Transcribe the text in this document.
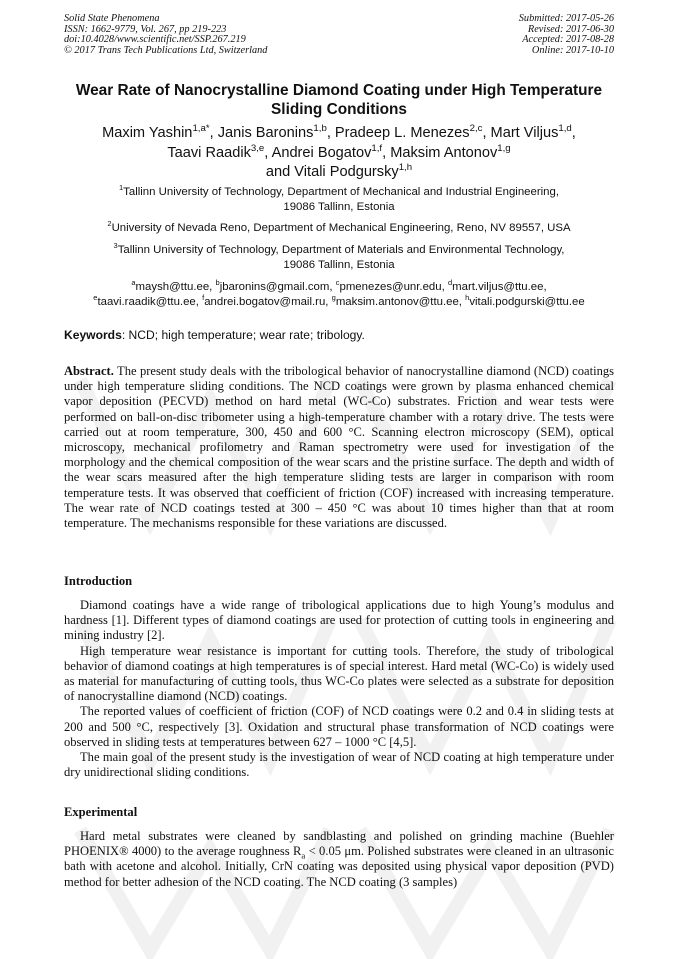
Solid State Phenomena
ISSN: 1662-9779, Vol. 267, pp 219-223
doi:10.4028/www.scientific.net/SSP.267.219
© 2017 Trans Tech Publications Ltd, Switzerland
Submitted: 2017-05-26
Revised: 2017-06-30
Accepted: 2017-08-28
Online: 2017-10-10
Wear Rate of Nanocrystalline Diamond Coating under High Temperature
Sliding Conditions
Maxim Yashin$^{1,a*}$, Janis Baronins$^{1,b}$, Pradeep L. Menezes$^{2,c}$, Mart Viljus$^{1,d}$,
Taavi Raadik$^{3,e}$, Andrei Bogatov$^{1,f}$, Maksim Antonov$^{1,g}$
and Vitali Podgursky$^{1,h}$
$^1$Tallinn University of Technology, Department of Mechanical and Industrial Engineering,
19086 Tallinn, Estonia
$^2$University of Nevada Reno, Department of Mechanical Engineering, Reno, NV 89557, USA
$^3$Tallinn University of Technology, Department of Materials and Environmental Technology,
19086 Tallinn, Estonia
$^a$maysh@ttu.ee, $^b$jbaronins@gmail.com, $^c$pmenezes@unr.edu, $^d$mart.viljus@ttu.ee,
$^e$taavi.raadik@ttu.ee, $^f$andrei.bogatov@mail.ru, $^g$maksim.antonov@ttu.ee, $^h$vitali.podgurski@ttu.ee
Keywords: NCD; high temperature; wear rate; tribology.
Abstract. The present study deals with the tribological behavior of nanocrystalline diamond (NCD) coatings under high temperature sliding conditions. The NCD coatings were grown by plasma enhanced chemical vapor deposition (PECVD) method on hard metal (WC-Co) substrates. Friction and wear tests were performed on ball-on-disc tribometer using a high-temperature chamber with a rotary drive. The tests were carried out at room temperature, 300, 450 and 600 °C. Scanning electron microscopy (SEM), optical microscopy, mechanical profilometry and Raman spectrometry were used for investigation of the morphology and the chemical composition of the wear scars and the pristine surface. The depth and width of the wear scars measured after the high temperature sliding tests are larger in comparison with room temperature tests. It was observed that coefficient of friction (COF) increased with increasing temperature. The wear rate of NCD coatings tested at 300 – 450 °C was about 10 times higher than that at room temperature. The mechanisms responsible for these variations are discussed.
Introduction

Diamond coatings have a wide range of tribological applications due to high Young’s modulus and hardness [1]. Different types of diamond coatings are used for protection of cutting tools in engineering and mining industry [2].

High temperature wear resistance is important for cutting tools. Therefore, the study of tribological behavior of diamond coatings at high temperatures is of special interest. Hard metal (WC-Co) is widely used as material for manufacturing of cutting tools, thus WC-Co plates were selected as a substrate for deposition of nanocrystalline diamond (NCD) coatings.

The reported values of coefficient of friction (COF) of NCD coatings were 0.2 and 0.4 in sliding tests at 200 and 500 °C, respectively [3]. Oxidation and structural phase transformation of NCD coatings were observed in sliding tests at temperatures between 627 – 1000 °C [4,5].

The main goal of the present study is the investigation of wear of NCD coating at high temperature under dry unidirectional sliding conditions.

Experimental

Hard metal substrates were cleaned by sandblasting and polished on grinding machine (Buehler PHOENIX® 4000) to the average roughness $R_a < 0.05$ μm. Polished substrates were cleaned in an ultrasonic bath with acetone and alcohol. Initially, CrN coating was deposited using physical vapor deposition (PVD) method for better adhesion of the NCD coating. The NCD coating (3 samples)
